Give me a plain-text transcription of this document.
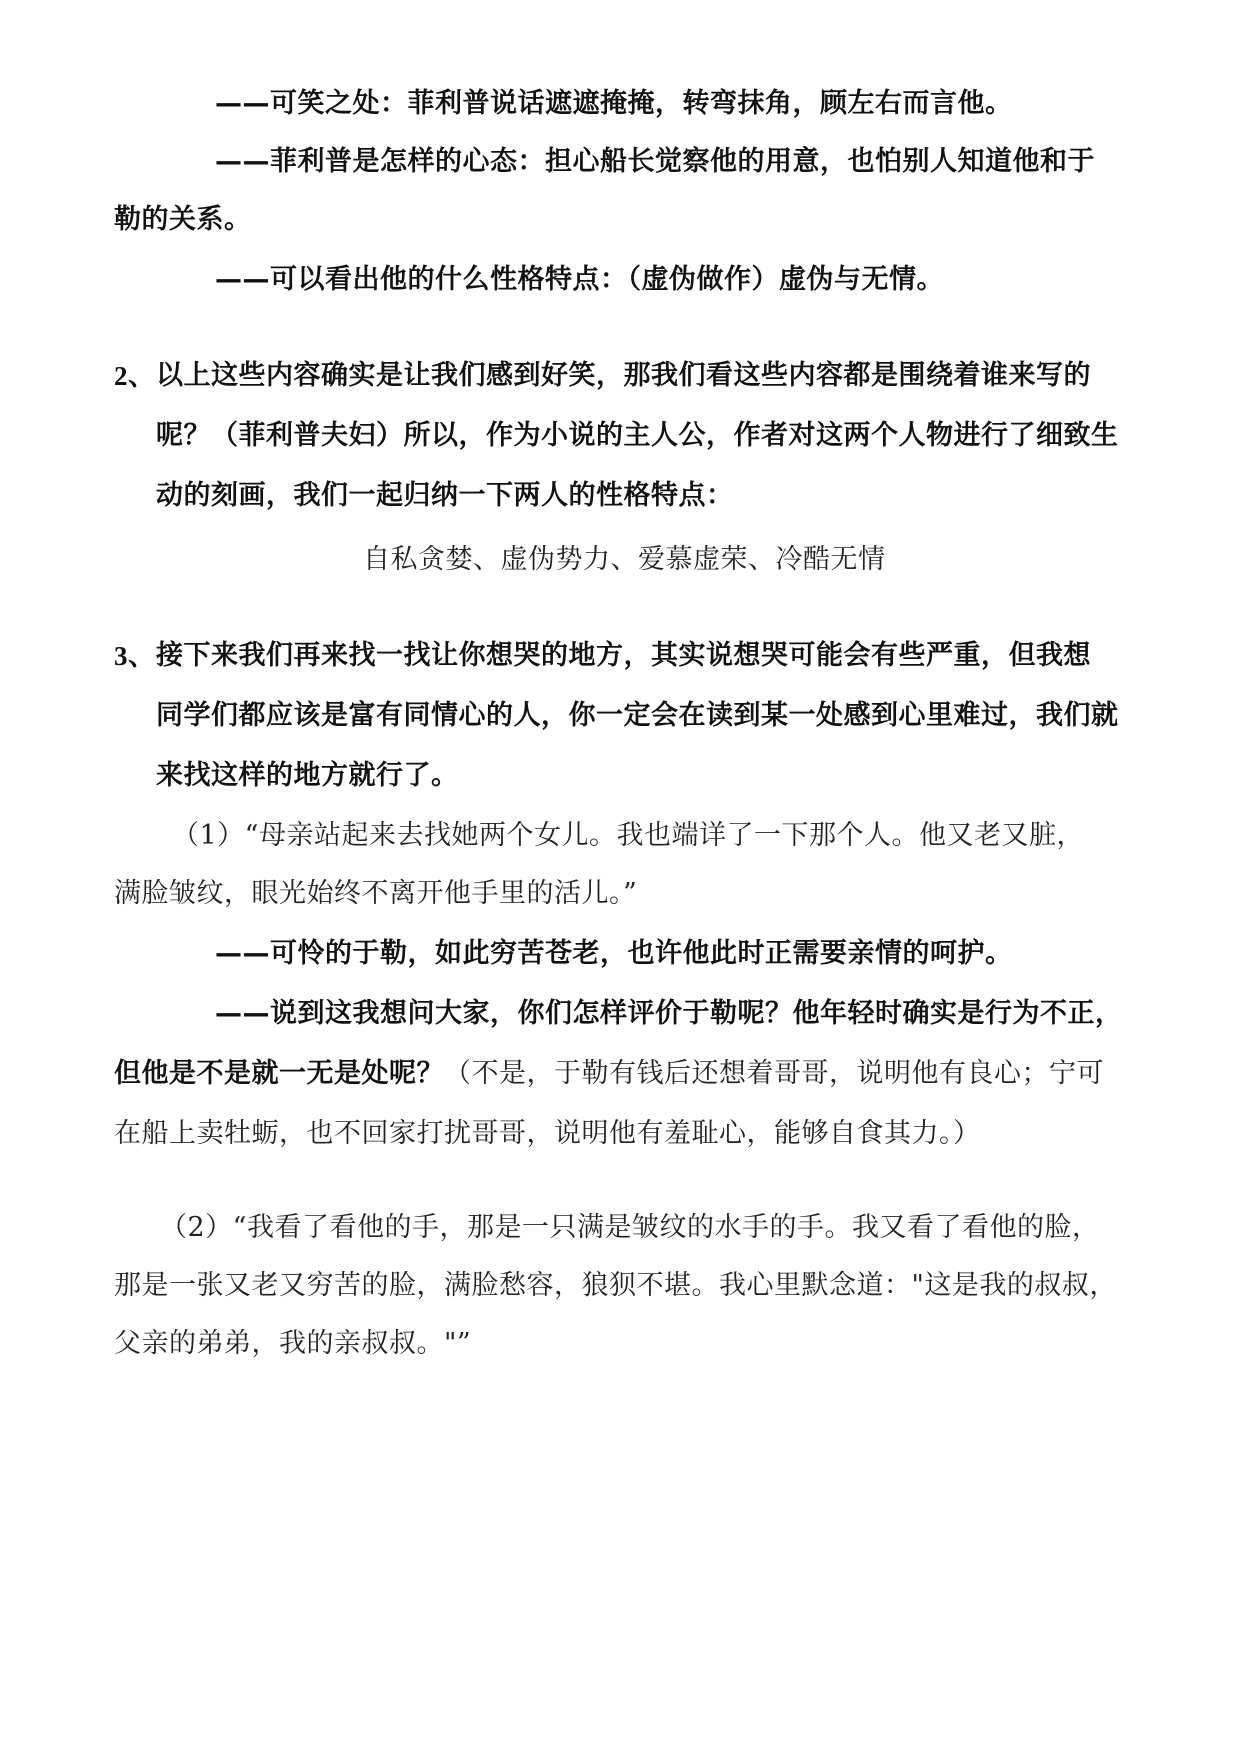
——可笑之处：菲利普说话遮遮掩掩，转弯抹角，顾左右而言他。
——菲利普是怎样的心态：担心船长觉察他的用意，也怕别人知道他和于
勒的关系。
——可以看出他的什么性格特点：（虚伪做作）虚伪与无情。
2、 以上这些内容确实是让我们感到好笑，那我们看这些内容都是围绕着谁来写的
呢？（菲利普夫妇）所以，作为小说的主人公，作者对这两个人物进行了细致生
动的刻画，我们一起归纳一下两人的性格特点：
自私贪婪、虚伪势力、爱慕虚荣、冷酷无情
3、 接下来我们再来找一找让你想哭的地方，其实说想哭可能会有些严重，但我想
同学们都应该是富有同情心的人，你一定会在读到某一处感到心里难过，我们就
来找这样的地方就行了。
（1）“母亲站起来去找她两个女儿。我也端详了一下那个人。他又老又脏，
满脸皱纹，眼光始终不离开他手里的活儿。”
——可怜的于勒，如此穷苦苍老，也许他此时正需要亲情的呵护。
——说到这我想问大家，你们怎样评价于勒呢？他年轻时确实是行为不正，
但他是不是就一无是处呢？（不是，于勒有钱后还想着哥哥，说明他有良心；宁可
在船上卖牡蛎，也不回家打扰哥哥，说明他有羞耻心，能够自食其力。）
（2）“我看了看他的手，那是一只满是皱纹的水手的手。我又看了看他的脸，
那是一张又老又穷苦的脸，满脸愁容，狼狈不堪。我心里默念道："这是我的叔叔，
父亲的弟弟，我的亲叔叔。"”
